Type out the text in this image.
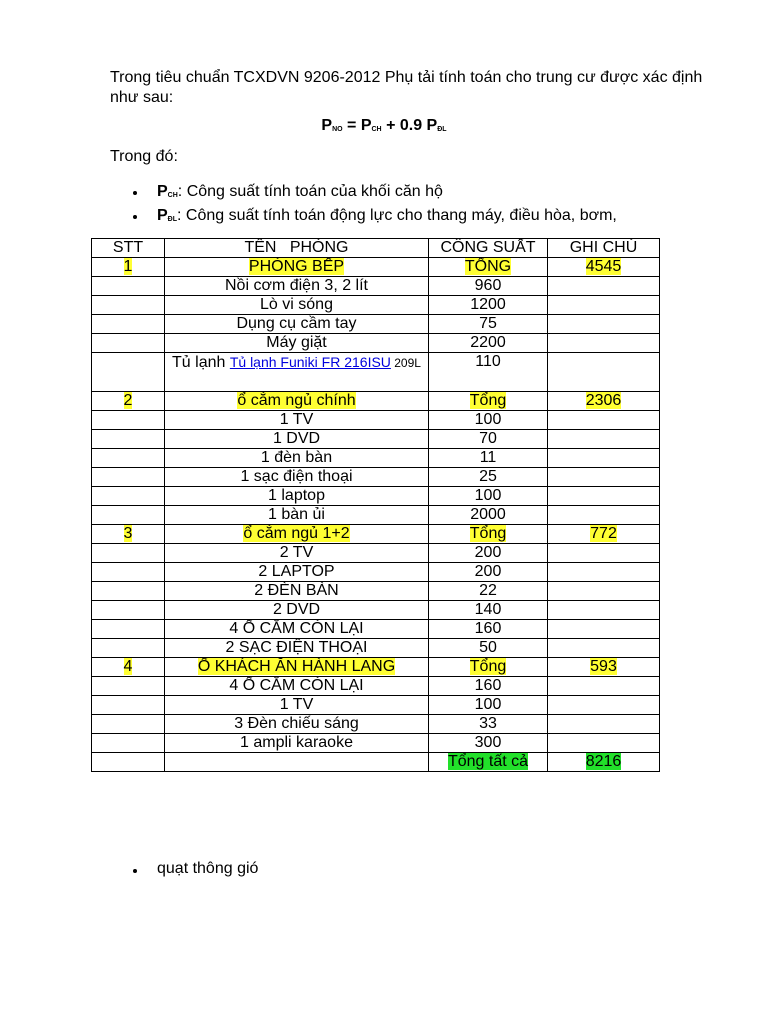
Trong tiêu chuẩn TCXDVN 9206-2012 Phụ tải tính toán cho trung cư được xác định như sau:
$P_{NO} = P_{CH} + 0.9$ $P_{ĐL}$
Trong đó:
$P_{CH}$: Công suất tính toán của khối căn hộ
$P_{ĐL}$: Công suất tính toán động lực cho thang máy, điều hòa, bơm,
STT	TÊN   PHÒNG	CÔNG SUẤT	GHI CHÚ
1	PHÒNG BẾP	TỔNG	4545
	Nồi cơm điện 3, 2 lít	960	
	Lò vi sóng	1200	
	Dụng cụ cầm tay	75	
	Máy giặt	2200	
	Tủ lạnh Tủ lạnh Funiki FR 216ISU 209L	110	
2	ổ cắm ngủ chính	Tổng	2306
	1 TV	100	
	1 DVD	70	
	1 đèn bàn	11	
	1 sạc điện thoại	25	
	1 laptop	100	
	1 bàn ủi	2000	
3	ổ cắm ngủ 1+2	Tổng	772
	2 TV	200	
	2 LAPTOP	200	
	2 ĐÈN BÀN	22	
	2 DVD	140	
	4 Ổ CẮM CÒN LẠI	160	
	2 SẠC ĐIỆN THOẠI	50	
4	Ổ KHÁCH ĂN HÀNH LANG	Tổng	593
	4 Ổ CẮM CÒN LẠI	160	
	1 TV	100	
	3 Đèn chiếu sáng	33	
	1 ampli karaoke	300	
		Tổng tất cả	8216
quạt thông gió
